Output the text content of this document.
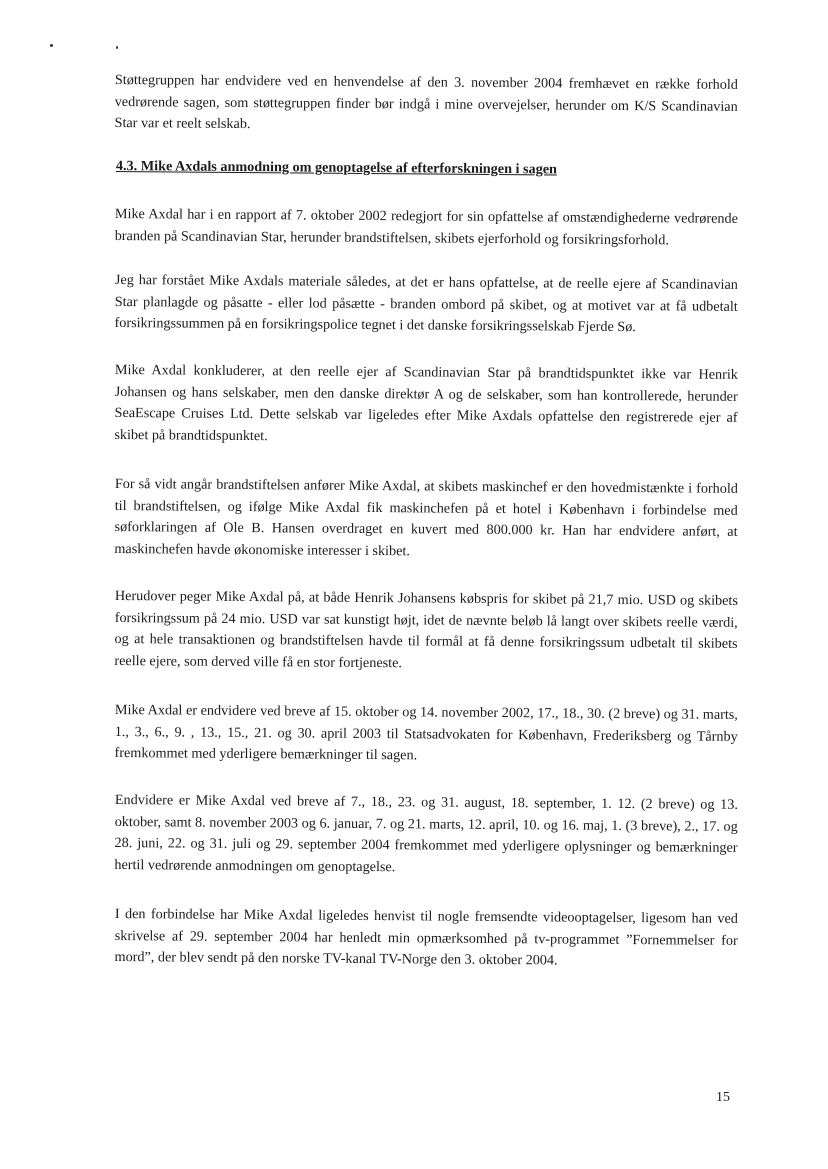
Støttegruppen har endvidere ved en henvendelse af den 3. november 2004 fremhævet en række forhold vedrørende sagen, som støttegruppen finder bør indgå i mine overvejelser, herunder om K/S Scandinavian Star var et reelt selskab.

4.3. Mike Axdals anmodning om genoptagelse af efterforskningen i sagen

Mike Axdal har i en rapport af 7. oktober 2002 redegjort for sin opfattelse af omstændighederne vedrørende branden på Scandinavian Star, herunder brandstiftelsen, skibets ejerforhold og forsikringsforhold.

Jeg har forstået Mike Axdals materiale således, at det er hans opfattelse, at de reelle ejere af Scandinavian Star planlagde og påsatte - eller lod påsætte - branden ombord på skibet, og at motivet var at få udbetalt forsikringssummen på en forsikringspolice tegnet i det danske forsikringsselskab Fjerde Sø.

Mike Axdal konkluderer, at den reelle ejer af Scandinavian Star på brandtidspunktet ikke var Henrik Johansen og hans selskaber, men den danske direktør A og de selskaber, som han kontrollerede, herunder SeaEscape Cruises Ltd. Dette selskab var ligeledes efter Mike Axdals opfattelse den registrerede ejer af skibet på brandtidspunktet.

For så vidt angår brandstiftelsen anfører Mike Axdal, at skibets maskinchef er den hovedmistænkte i forhold til brandstiftelsen, og ifølge Mike Axdal fik maskinchefen på et hotel i København i forbindelse med søforklaringen af Ole B. Hansen overdraget en kuvert med 800.000 kr. Han har endvidere anført, at maskinchefen havde økonomiske interesser i skibet.

Herudover peger Mike Axdal på, at både Henrik Johansens købspris for skibet på 21,7 mio. USD og skibets forsikringssum på 24 mio. USD var sat kunstigt højt, idet de nævnte beløb lå langt over skibets reelle værdi, og at hele transaktionen og brandstiftelsen havde til formål at få denne forsikringssum udbetalt til skibets reelle ejere, som derved ville få en stor fortjeneste.

Mike Axdal er endvidere ved breve af 15. oktober og 14. november 2002, 17., 18., 30. (2 breve) og 31. marts, 1., 3., 6., 9. , 13., 15., 21. og 30. april 2003 til Statsadvokaten for København, Frederiksberg og Tårnby fremkommet med yderligere bemærkninger til sagen.

Endvidere er Mike Axdal ved breve af 7., 18., 23. og 31. august, 18. september, 1. 12. (2 breve) og 13. oktober, samt 8. november 2003 og 6. januar, 7. og 21. marts, 12. april, 10. og 16. maj, 1. (3 breve), 2., 17. og 28. juni, 22. og 31. juli og 29. september 2004 fremkommet med yderligere oplysninger og bemærkninger hertil vedrørende anmodningen om genoptagelse.

I den forbindelse har Mike Axdal ligeledes henvist til nogle fremsendte videooptagelser, ligesom han ved skrivelse af 29. september 2004 har henledt min opmærksomhed på tv-programmet ”Fornemmelser for mord”, der blev sendt på den norske TV-kanal TV-Norge den 3. oktober 2004.

15
